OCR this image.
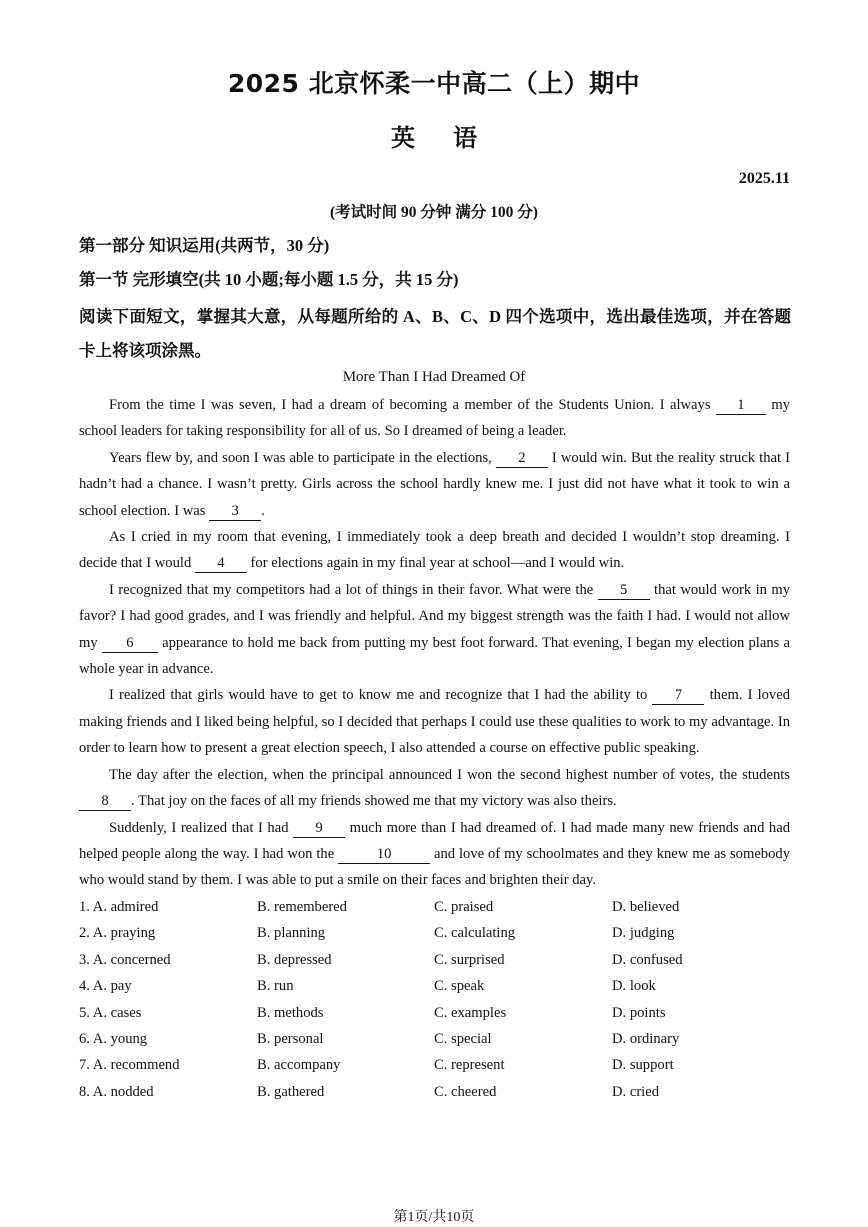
2025 北京怀柔一中高二（上）期中
英语
2025.11
(考试时间 90 分钟 满分 100 分)
第一部分 知识运用(共两节，30 分)
第一节 完形填空(共 10 小题;每小题 1.5 分，共 15 分)
阅读下面短文，掌握其大意，从每题所给的 A、B、C、D 四个选项中，选出最佳选项，并在答题卡上将该项涂黑。
More Than I Had Dreamed Of

From the time I was seven, I had a dream of becoming a member of the Students Union. I always 1 my school leaders for taking responsibility for all of us. So I dreamed of being a leader.

Years flew by, and soon I was able to participate in the elections, 2 I would win. But the reality struck that I hadn’t had a chance. I wasn’t pretty. Girls across the school hardly knew me. I just did not have what it took to win a school election. I was 3 .

As I cried in my room that evening, I immediately took a deep breath and decided I wouldn’t stop dreaming. I decide that I would 4 for elections again in my final year at school—and I would win.

I recognized that my competitors had a lot of things in their favor. What were the 5 that would work in my favor? I had good grades, and I was friendly and helpful. And my biggest strength was the faith I had. I would not allow my 6 appearance to hold me back from putting my best foot forward. That evening, I began my election plans a whole year in advance.

I realized that girls would have to get to know me and recognize that I had the ability to 7 them. I loved making friends and I liked being helpful, so I decided that perhaps I could use these qualities to work to my advantage. In order to learn how to present a great election speech, I also attended a course on effective public speaking.

The day after the election, when the principal announced I won the second highest number of votes, the students 8 . That joy on the faces of all my friends showed me that my victory was also theirs.

Suddenly, I realized that I had 9 much more than I had dreamed of. I had made many new friends and had helped people along the way. I had won the	10	and love of my schoolmates and they knew me as somebody who would stand by them. I was able to put a smile on their faces and brighten their day.

1. A. admired	B. remembered	C. praised	D. believed
2. A. praying	B. planning	C. calculating	D. judging
3. A. concerned	B. depressed	C. surprised	D. confused
4. A. pay	B. run	C. speak	D. look
5. A. cases	B. methods	C. examples	D. points
6. A. young	B. personal	C. special	D. ordinary
7. A. recommend	B. accompany	C. represent	D. support
8. A. nodded	B. gathered	C. cheered	D. cried
第1页/共10页
